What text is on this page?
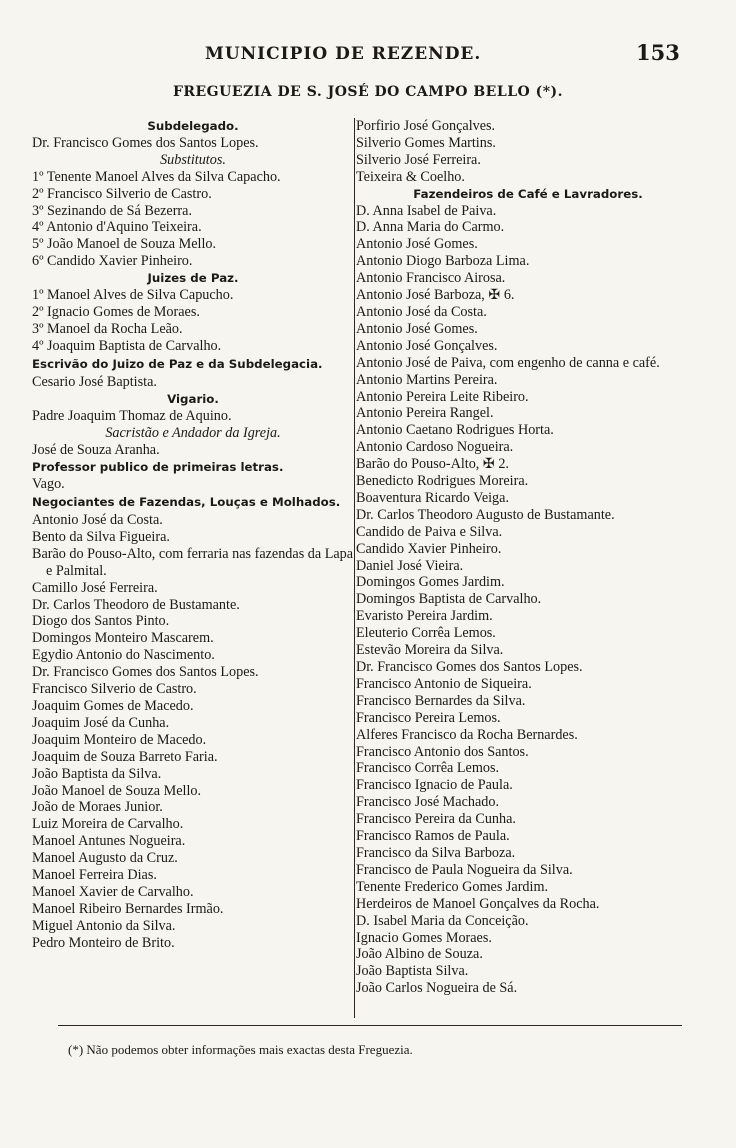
MUNICIPIO DE REZENDE.	153
FREGUEZIA DE S. JOSÉ DO CAMPO BELLO (*).
Subdelegado.
Dr. Francisco Gomes dos Santos Lopes.
Substitutos.
1º Tenente Manoel Alves da Silva Capacho.
2º Francisco Silverio de Castro.
3º Sezinando de Sá Bezerra.
4º Antonio d'Aquino Teixeira.
5º João Manoel de Souza Mello.
6º Candido Xavier Pinheiro.
Juizes de Paz.
1º Manoel Alves de Silva Capucho.
2º Ignacio Gomes de Moraes.
3º Manoel da Rocha Leão.
4º Joaquim Baptista de Carvalho.
Escrivão do Juizo de Paz e da Subdelegacia.
Cesario José Baptista.
Vigario.
Padre Joaquim Thomaz de Aquino.
Sacristão e Andador da Igreja.
José de Souza Aranha.
Professor publico de primeiras letras.
Vago.
Negociantes de Fazendas, Louças e Molhados.
Antonio José da Costa.
Bento da Silva Figueira.
Barão do Pouso-Alto, com ferraria nas fazendas da Lapa e Palmital.
Camillo José Ferreira.
Dr. Carlos Theodoro de Bustamante.
Diogo dos Santos Pinto.
Domingos Monteiro Mascarem.
Egydio Antonio do Nascimento.
Dr. Francisco Gomes dos Santos Lopes.
Francisco Silverio de Castro.
Joaquim Gomes de Macedo.
Joaquim José da Cunha.
Joaquim Monteiro de Macedo.
Joaquim de Souza Barreto Faria.
João Baptista da Silva.
João Manoel de Souza Mello.
João de Moraes Junior.
Luiz Moreira de Carvalho.
Manoel Antunes Nogueira.
Manoel Augusto da Cruz.
Manoel Ferreira Dias.
Manoel Xavier de Carvalho.
Manoel Ribeiro Bernardes Irmão.
Miguel Antonio da Silva.
Pedro Monteiro de Brito.
Porfirio José Gonçalves.
Silverio Gomes Martins.
Silverio José Ferreira.
Teixeira & Coelho.
Fazendeiros de Café e Lavradores.
D. Anna Isabel de Paiva.
D. Anna Maria do Carmo.
Antonio José Gomes.
Antonio Diogo Barboza Lima.
Antonio Francisco Airosa.
Antonio José Barboza, ✠ 6.
Antonio José da Costa.
Antonio José Gomes.
Antonio José Gonçalves.
Antonio José de Paiva, com engenho de canna e café.
Antonio Martins Pereira.
Antonio Pereira Leite Ribeiro.
Antonio Pereira Rangel.
Antonio Caetano Rodrigues Horta.
Antonio Cardoso Nogueira.
Barão do Pouso-Alto, ✠ 2.
Benedicto Rodrigues Moreira.
Boaventura Ricardo Veiga.
Dr. Carlos Theodoro Augusto de Bustamante.
Candido de Paiva e Silva.
Candido Xavier Pinheiro.
Daniel José Vieira.
Domingos Gomes Jardim.
Domingos Baptista de Carvalho.
Evaristo Pereira Jardim.
Eleuterio Corrêa Lemos.
Estevão Moreira da Silva.
Dr. Francisco Gomes dos Santos Lopes.
Francisco Antonio de Siqueira.
Francisco Bernardes da Silva.
Francisco Pereira Lemos.
Alferes Francisco da Rocha Bernardes.
Francisco Antonio dos Santos.
Francisco Corrêa Lemos.
Francisco Ignacio de Paula.
Francisco José Machado.
Francisco Pereira da Cunha.
Francisco Ramos de Paula.
Francisco da Silva Barboza.
Francisco de Paula Nogueira da Silva.
Tenente Frederico Gomes Jardim.
Herdeiros de Manoel Gonçalves da Rocha.
D. Isabel Maria da Conceição.
Ignacio Gomes Moraes.
João Albino de Souza.
João Baptista Silva.
João Carlos Nogueira de Sá.
(*) Não podemos obter informações mais exactas desta Freguezia.
